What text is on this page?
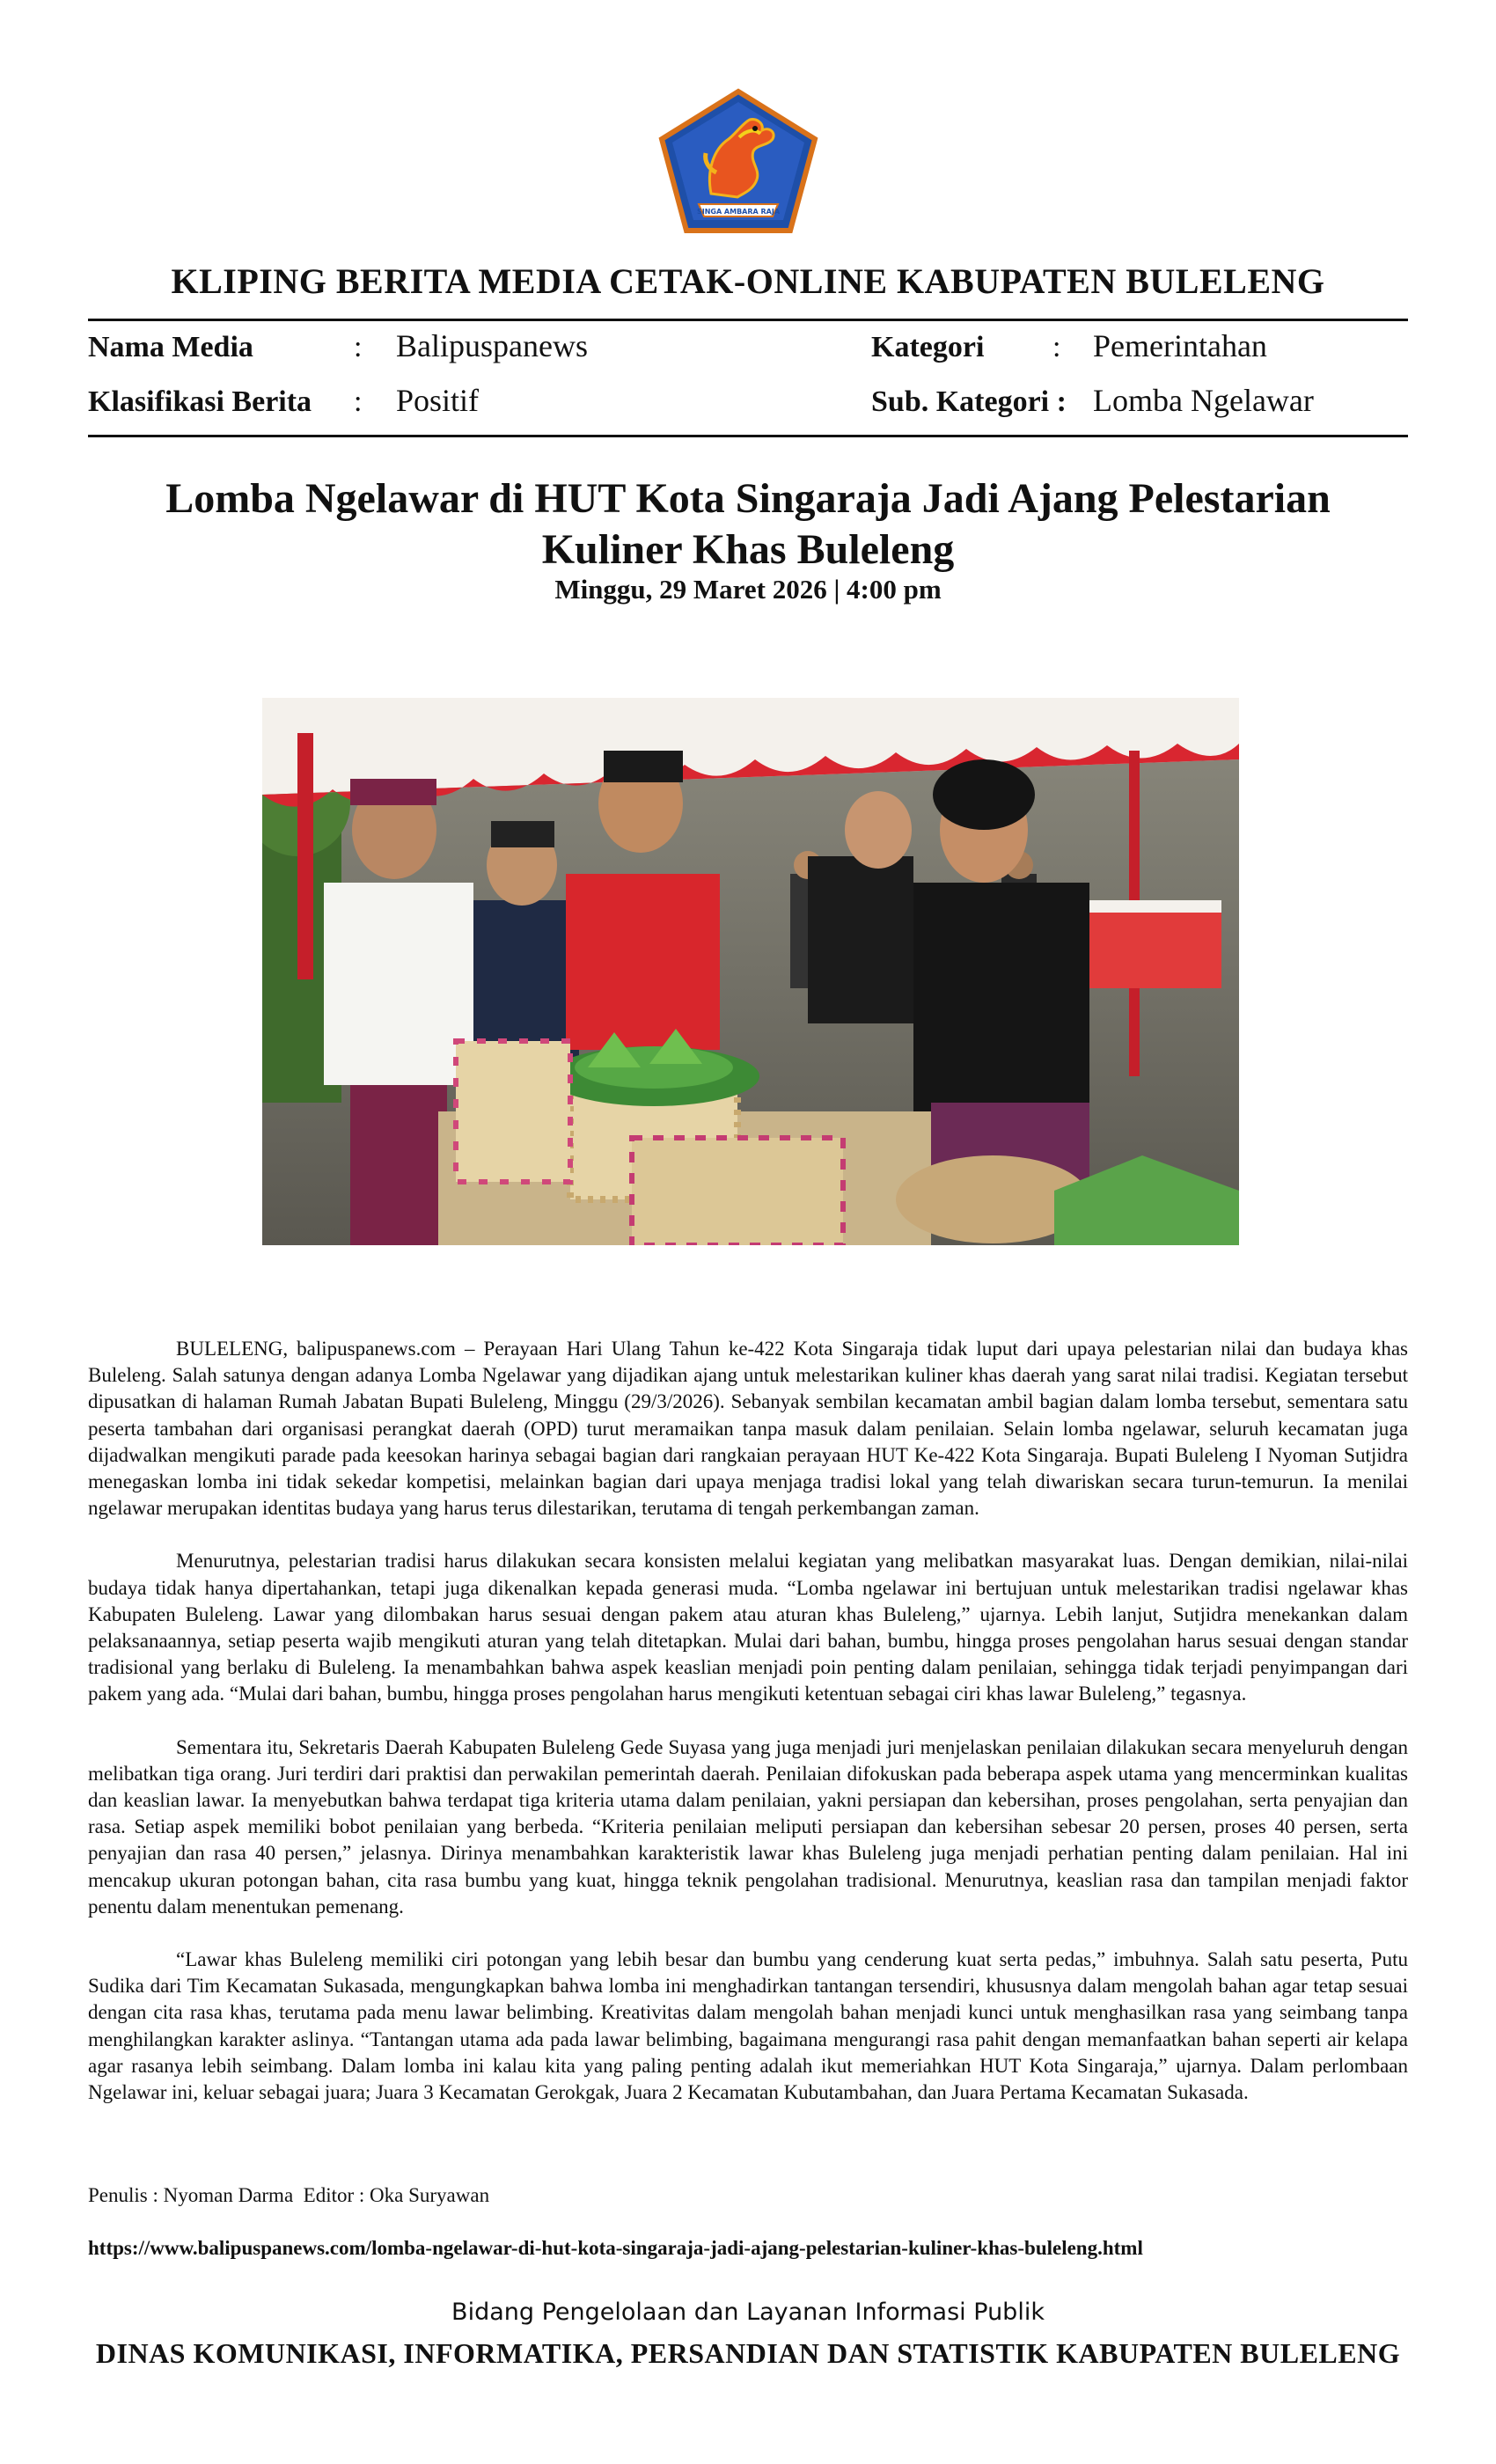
SINGA AMBARA RAJA
KLIPING BERITA MEDIA CETAK-ONLINE KABUPATEN BULELENG
Nama Media	: Balipuspanews	Kategori : Pemerintahan
Klasifikasi Berita : Positif	Sub. Kategori : Lomba Ngelawar
Lomba Ngelawar di HUT Kota Singaraja Jadi Ajang Pelestarian
Kuliner Khas Buleleng
Minggu, 29 Maret 2026 | 4:00 pm

BULELENG, balipuspanews.com – Perayaan Hari Ulang Tahun ke-422 Kota Singaraja tidak luput dari upaya pelestarian nilai dan budaya khas Buleleng. Salah satunya dengan adanya Lomba Ngelawar yang dijadikan ajang untuk melestarikan kuliner khas daerah yang sarat nilai tradisi. Kegiatan tersebut dipusatkan di halaman Rumah Jabatan Bupati Buleleng, Minggu (29/3/2026). Sebanyak sembilan kecamatan ambil bagian dalam lomba tersebut, sementara satu peserta tambahan dari organisasi perangkat daerah (OPD) turut meramaikan tanpa masuk dalam penilaian. Selain lomba ngelawar, seluruh kecamatan juga dijadwalkan mengikuti parade pada keesokan harinya sebagai bagian dari rangkaian perayaan HUT Ke-422 Kota Singaraja. Bupati Buleleng I Nyoman Sutjidra menegaskan lomba ini tidak sekedar kompetisi, melainkan bagian dari upaya menjaga tradisi lokal yang telah diwariskan secara turun-temurun. Ia menilai ngelawar merupakan identitas budaya yang harus terus dilestarikan, terutama di tengah perkembangan zaman.

Menurutnya, pelestarian tradisi harus dilakukan secara konsisten melalui kegiatan yang melibatkan masyarakat luas. Dengan demikian, nilai-nilai budaya tidak hanya dipertahankan, tetapi juga dikenalkan kepada generasi muda. “Lomba ngelawar ini bertujuan untuk melestarikan tradisi ngelawar khas Kabupaten Buleleng. Lawar yang dilombakan harus sesuai dengan pakem atau aturan khas Buleleng,” ujarnya. Lebih lanjut, Sutjidra menekankan dalam pelaksanaannya, setiap peserta wajib mengikuti aturan yang telah ditetapkan. Mulai dari bahan, bumbu, hingga proses pengolahan harus sesuai dengan standar tradisional yang berlaku di Buleleng. Ia menambahkan bahwa aspek keaslian menjadi poin penting dalam penilaian, sehingga tidak terjadi penyimpangan dari pakem yang ada. “Mulai dari bahan, bumbu, hingga proses pengolahan harus mengikuti ketentuan sebagai ciri khas lawar Buleleng,” tegasnya.

Sementara itu, Sekretaris Daerah Kabupaten Buleleng Gede Suyasa yang juga menjadi juri menjelaskan penilaian dilakukan secara menyeluruh dengan melibatkan tiga orang. Juri terdiri dari praktisi dan perwakilan pemerintah daerah. Penilaian difokuskan pada beberapa aspek utama yang mencerminkan kualitas dan keaslian lawar. Ia menyebutkan bahwa terdapat tiga kriteria utama dalam penilaian, yakni persiapan dan kebersihan, proses pengolahan, serta penyajian dan rasa. Setiap aspek memiliki bobot penilaian yang berbeda. “Kriteria penilaian meliputi persiapan dan kebersihan sebesar 20 persen, proses 40 persen, serta penyajian dan rasa 40 persen,” jelasnya. Dirinya menambahkan karakteristik lawar khas Buleleng juga menjadi perhatian penting dalam penilaian. Hal ini mencakup ukuran potongan bahan, cita rasa bumbu yang kuat, hingga teknik pengolahan tradisional. Menurutnya, keaslian rasa dan tampilan menjadi faktor penentu dalam menentukan pemenang.

“Lawar khas Buleleng memiliki ciri potongan yang lebih besar dan bumbu yang cenderung kuat serta pedas,” imbuhnya. Salah satu peserta, Putu Sudika dari Tim Kecamatan Sukasada, mengungkapkan bahwa lomba ini menghadirkan tantangan tersendiri, khususnya dalam mengolah bahan agar tetap sesuai dengan cita rasa khas, terutama pada menu lawar belimbing. Kreativitas dalam mengolah bahan menjadi kunci untuk menghasilkan rasa yang seimbang tanpa menghilangkan karakter aslinya. “Tantangan utama ada pada lawar belimbing, bagaimana mengurangi rasa pahit dengan memanfaatkan bahan seperti air kelapa agar rasanya lebih seimbang. Dalam lomba ini kalau kita yang paling penting adalah ikut memeriahkan HUT Kota Singaraja,” ujarnya. Dalam perlombaan Ngelawar ini, keluar sebagai juara; Juara 3 Kecamatan Gerokgak, Juara 2 Kecamatan Kubutambahan, dan Juara Pertama Kecamatan Sukasada.

Penulis : Nyoman Darma  Editor : Oka Suryawan
https://www.balipuspanews.com/lomba-ngelawar-di-hut-kota-singaraja-jadi-ajang-pelestarian-kuliner-khas-buleleng.html
Bidang Pengelolaan dan Layanan Informasi Publik
DINAS KOMUNIKASI, INFORMATIKA, PERSANDIAN DAN STATISTIK KABUPATEN BULELENG
